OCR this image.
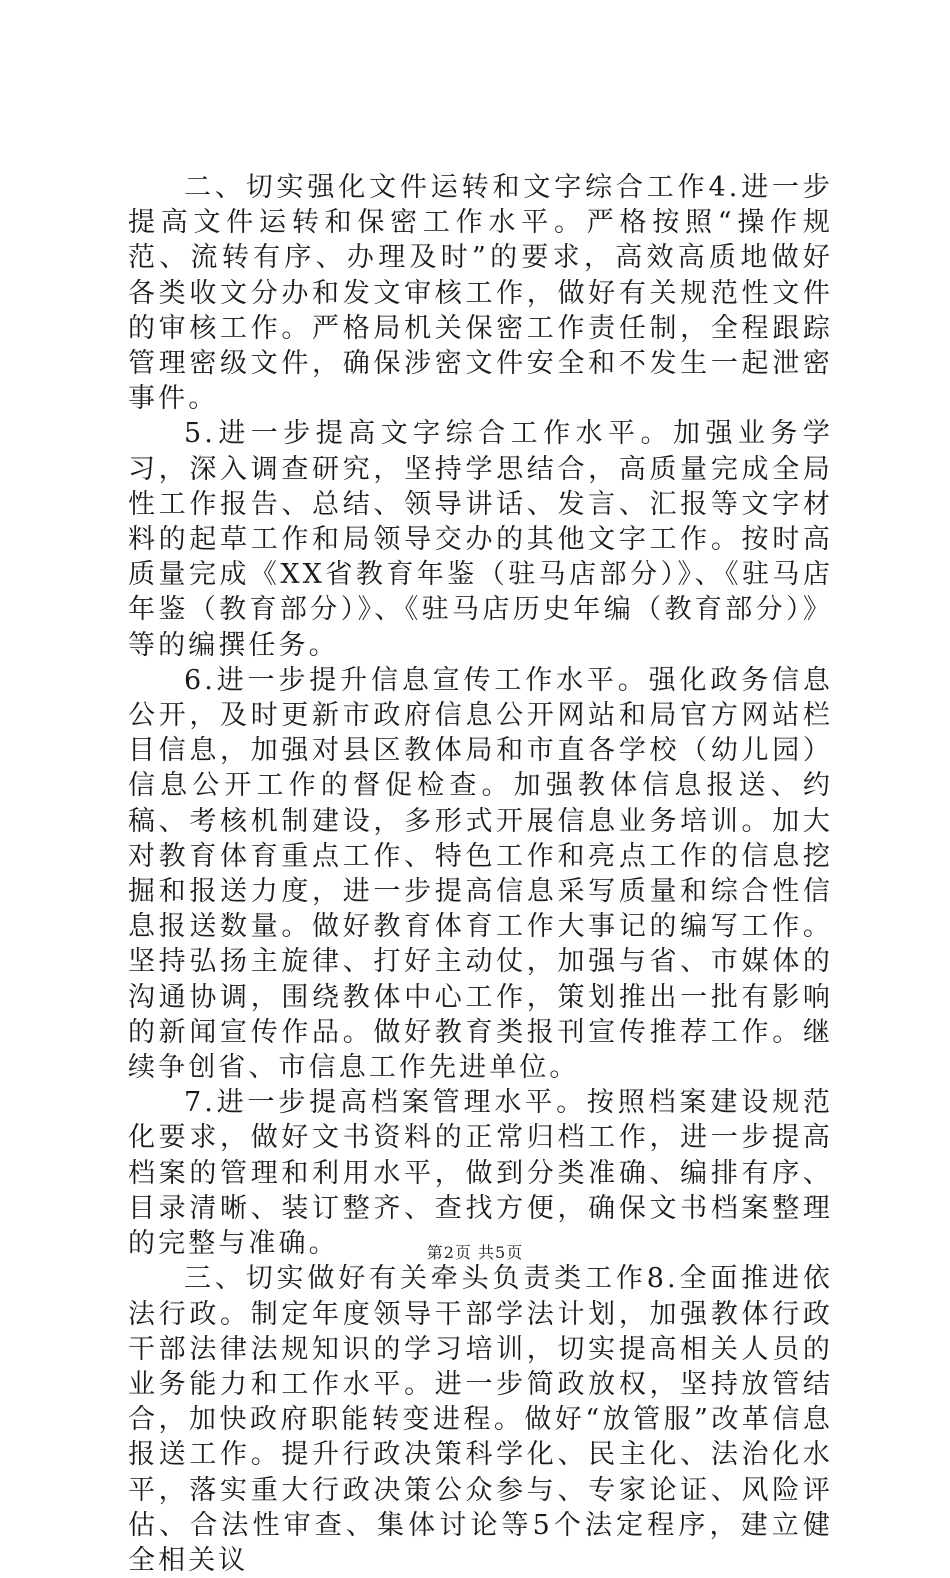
二、切实强化文件运转和文字综合工作4.进一步提高文件运转和保密工作水平。严格按照“操作规范、流转有序、办理及时”的要求，高效高质地做好各类收文分办和发文审核工作，做好有关规范性文件的审核工作。严格局机关保密工作责任制，全程跟踪管理密级文件，确保涉密文件安全和不发生一起泄密事件。

5.进一步提高文字综合工作水平。加强业务学习，深入调查研究，坚持学思结合，高质量完成全局性工作报告、总结、领导讲话、发言、汇报等文字材料的起草工作和局领导交办的其他文字工作。按时高质量完成《XX省教育年鉴（驻马店部分）》、《驻马店年鉴（教育部分）》、《驻马店历史年编（教育部分）》等的编撰任务。

6.进一步提升信息宣传工作水平。强化政务信息公开，及时更新市政府信息公开网站和局官方网站栏目信息，加强对县区教体局和市直各学校（幼儿园）信息公开工作的督促检查。加强教体信息报送、约稿、考核机制建设，多形式开展信息业务培训。加大对教育体育重点工作、特色工作和亮点工作的信息挖掘和报送力度，进一步提高信息采写质量和综合性信息报送数量。做好教育体育工作大事记的编写工作。坚持弘扬主旋律、打好主动仗，加强与省、市媒体的沟通协调，围绕教体中心工作，策划推出一批有影响的新闻宣传作品。做好教育类报刊宣传推荐工作。继续争创省、市信息工作先进单位。

7.进一步提高档案管理水平。按照档案建设规范化要求，做好文书资料的正常归档工作，进一步提高档案的管理和利用水平，做到分类准确、编排有序、目录清晰、装订整齐、查找方便，确保文书档案整理的完整与准确。

三、切实做好有关牵头负责类工作8.全面推进依法行政。制定年度领导干部学法计划，加强教体行政干部法律法规知识的学习培训，切实提高相关人员的业务能力和工作水平。进一步简政放权，坚持放管结合，加快政府职能转变进程。做好“放管服”改革信息报送工作。提升行政决策科学化、民主化、法治化水平，落实重大行政决策公众参与、专家论证、风险评估、合法性审查、集体讨论等5个法定程序，建立健全相关议

第2页 共5页
